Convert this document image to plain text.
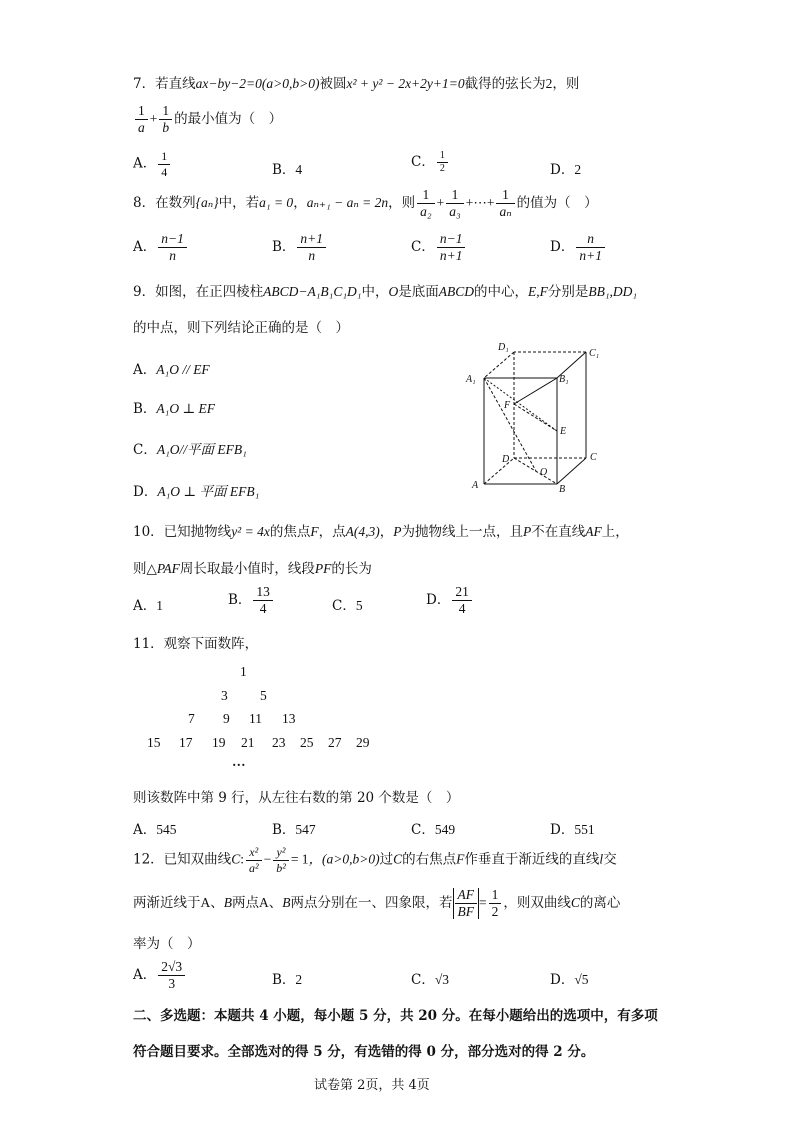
7．若直线ax−by−2=0(a>0,b>0)被圆x² + y² − 2x+2y+1=0截得的弦长为2，则
$\frac{1}{a} + \frac{1}{b}$ 的最小值为（　）
A． $\frac{1}{4}$	B．4	C． $\frac{1}{2}$	D．2
8．在数列{aₙ}中，若a₁ = 0，aₙ₊₁ − aₙ = 2n，则 $\frac{1}{\text{a₂}} + \frac{1}{\text{a₃}}$ +⋯+ $\frac{1}{\text{aₙ}}$ 的值为（　）
A． $\frac{n-1}{n}$	B． $\frac{n+1}{n}$	C． $\frac{n-1}{n+1}$	D． $\frac{n}{n+1}$
9．如图，在正四棱柱ABCD−A₁B₁C₁D₁中，O是底面ABCD的中心，E,F分别是BB₁,DD₁
的中点，则下列结论正确的是（　）
A．A₁O // EF
B．A₁O ⊥ EF
C．A₁O//平面 EFB₁
D．A₁O ⊥ 平面 EFB₁
D₁
C₁
A₁	B₁
F
E
D
O
C
A	B
10．已知抛物线y² = 4x的焦点F，点A(4,3)，P为抛物线上一点，且P不在直线AF上，
则△PAF周长取最小值时，线段PF的长为
A．1	B． $\frac{13}{4}$	C．5	D． $\frac{21}{4}$
11．观察下面数阵，
1
3 5
7 9 11 13
15 17 19 21 23 25 27 29
…
则该数阵中第 9 行，从左往右数的第 20 个数是（　）
A．545	B．547	C．549	D．551
12．已知双曲线C: $\frac{\text{x²}}{\text{a²}} - \frac{\text{y²}}{\text{b²}} = 1$，(a>0,b>0)过C的右焦点F作垂直于渐近线的直线l交
两渐近线于A、B两点A、B两点分别在一、四象限，若 $\frac{AF}{BF} = \frac{1}{2}$ ，则双曲线C的离心
率为（　）
A． $\frac{2√3}{3}$	B．2	C．√3	D．√5
二、多选题：本题共 4 小题，每小题 5 分，共 20 分。在每小题给出的选项中，有多项
符合题目要求。全部选对的得 5 分，有选错的得 0 分，部分选对的得 2 分。
试卷第 2页，共 4页
